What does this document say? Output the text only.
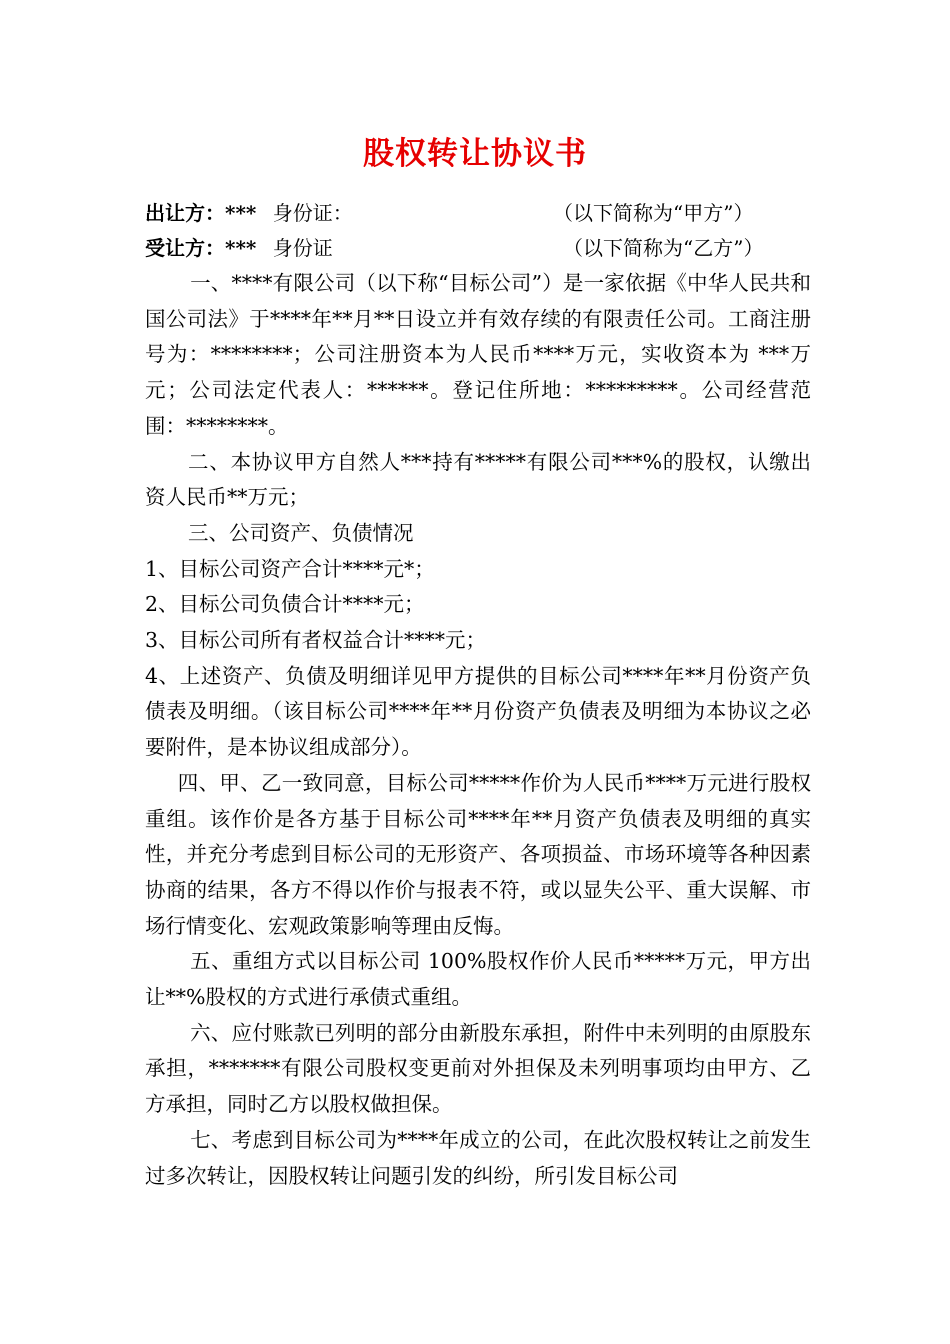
股权转让协议书
出让方：*** 身份证：	（以下简称为“甲方”）
受让方：*** 身份证	（以下简称为“乙方”）

一、****有限公司（以下称“目标公司”）是一家依据《中华人民共和国公司法》于****年**月**日设立并有效存续的有限责任公司。工商注册号为：********；公司注册资本为人民币****万元，实收资本为 ***万元；公司法定代表人：******。登记住所地：*********。公司经营范围：********。

二、本协议甲方自然人***持有*****有限公司***%的股权，认缴出资人民币**万元；

三、公司资产、负债情况

1、目标公司资产合计****元*；

2、目标公司负债合计****元；

3、目标公司所有者权益合计****元；

4、上述资产、负债及明细详见甲方提供的目标公司****年**月份资产负债表及明细。（该目标公司****年**月份资产负债表及明细为本协议之必要附件，是本协议组成部分）。

四、甲、乙一致同意，目标公司*****作价为人民币****万元进行股权重组。该作价是各方基于目标公司****年**月资产负债表及明细的真实性，并充分考虑到目标公司的无形资产、各项损益、市场环境等各种因素协商的结果，各方不得以作价与报表不符，或以显失公平、重大误解、市场行情变化、宏观政策影响等理由反悔。

五、重组方式以目标公司 100%股权作价人民币*****万元，甲方出让**%股权的方式进行承债式重组。

六、应付账款已列明的部分由新股东承担，附件中未列明的由原股东承担，*******有限公司股权变更前对外担保及未列明事项均由甲方、乙方承担，同时乙方以股权做担保。

七、考虑到目标公司为****年成立的公司，在此次股权转让之前发生过多次转让，因股权转让问题引发的纠纷，所引发目标公司
